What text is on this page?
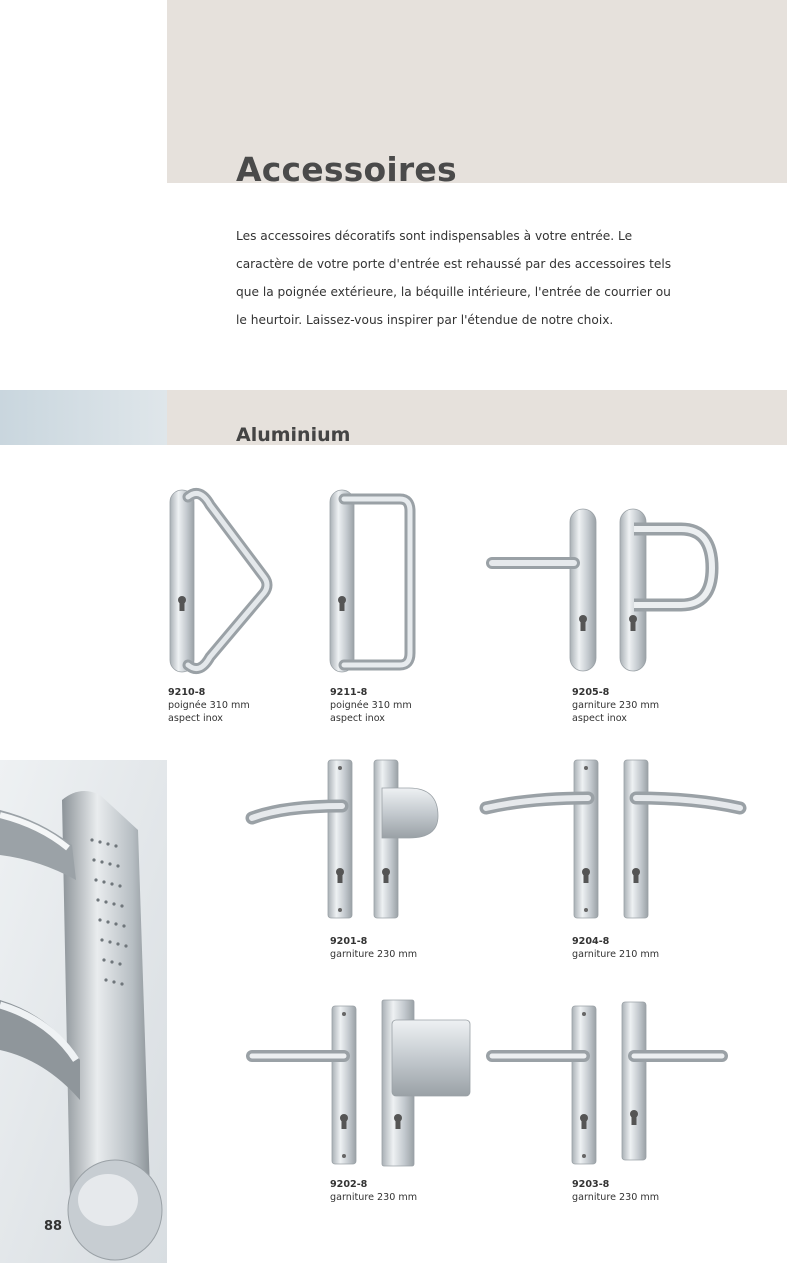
Accessoires

Les accessoires décoratifs sont indispensables à votre entrée. Le caractère de votre porte d'entrée est rehaussé par des accessoires tels que la poignée extérieure, la béquille intérieure, l'entrée de courrier ou le heurtoir. Laissez-vous inspirer par l'étendue de notre choix.

Aluminium
9210-8
poignée 310 mm
aspect inox
9211-8
poignée 310 mm
aspect inox
9205-8
garniture 230 mm
aspect inox
9201-8
garniture 230 mm
9204-8
garniture 210 mm
9202-8
garniture 230 mm
9203-8
garniture 230 mm
88
